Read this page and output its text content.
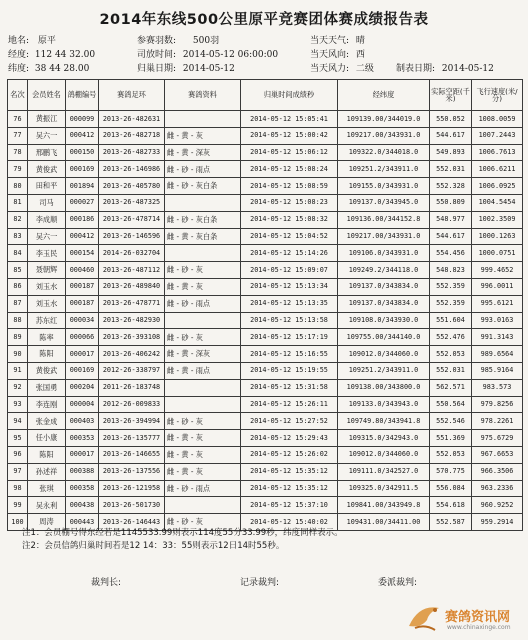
2014年东线500公里原平竞赛团体赛成绩报告表
地名: 原平	参赛羽数: 500羽	当天天气: 晴
经度: 112 44 32.00	司放时间: 2014-05-12 06:00:00	当天风向: 西
纬度: 38 44 28.00	归巢日期: 2014-05-12	当天风力: 二级 制表日期: 2014-05-12
名次	会员姓名	鸽棚编号	赛鸽足环	赛鸽资料	归巢时间成绩秒	经纬度	实际空距(千米)	飞行速度(米/分)
76	黄振江	000099	2013-26-482631		2014-05-12 15:05:41	109139.00/344019.0	550.052	1008.0059
77	吴六一	000412	2013-26-482718	雌 - 黄 - 灰	2014-05-12 15:00:42	109217.00/343931.0	544.617	1007.2443
78	邢鹏飞	000150	2013-26-482733	雌 - 黄 - 深灰	2014-05-12 15:06:12	109322.0/344018.0	549.893	1006.7613
79	黄俊武	000169	2013-26-146986	雌 - 砂 - 雨点	2014-05-12 15:08:24	109251.2/343911.0	552.031	1006.6211
80	田和平	001894	2013-26-405780	雌 - 砂 - 灰白条	2014-05-12 15:08:59	109155.0/343931.0	552.328	1006.0925
81	司马	000027	2013-26-487325		2014-05-12 15:08:23	109137.0/343945.0	550.809	1004.5454
82	李成顺	000186	2013-26-478714	雌 - 砂 - 灰白条	2014-05-12 15:08:32	109136.00/344152.8	548.977	1002.3509
83	吴六一	000412	2013-26-146596	雌 - 黄 - 灰白条	2014-05-12 15:04:52	109217.00/343931.0	544.617	1000.1263
84	李玉民	000154	2014-26-032704		2014-05-12 15:14:26	109106.0/343931.0	554.456	1000.0751
85	聂朝辉	000460	2013-26-487112	雌 - 砂 - 灰	2014-05-12 15:09:07	109249.2/344118.0	548.823	999.4652
86	刘玉水	000187	2013-26-489840	雌 - 黄 - 灰	2014-05-12 15:13:34	109137.0/343834.0	552.359	996.0011
87	刘玉水	000187	2013-26-478771	雌 - 砂 - 雨点	2014-05-12 15:13:35	109137.0/343834.0	552.359	995.6121
88	苏东红	000034	2013-26-482930		2014-05-12 15:13:58	109108.0/343930.0	551.604	993.0163
89	陈率	000066	2013-26-393108	雌 - 砂 - 灰	2014-05-12 15:17:19	109755.00/344140.0	552.476	991.3143
90	陈阳	000017	2013-26-406242	雌 - 黄 - 深灰	2014-05-12 15:16:55	109012.0/344060.0	552.053	989.6564
91	黄俊武	000169	2012-26-338797	雌 - 黄 - 雨点	2014-05-12 15:19:55	109251.2/343911.0	552.031	985.9164
92	张国勇	000204	2011-26-183748		2014-05-12 15:31:58	109138.00/343800.0	562.571	983.573
93	李连刚	000004	2012-26-009833		2014-05-12 15:26:11	109133.0/343943.0	550.564	979.8256
94	张金成	000403	2013-26-394994	雌 - 砂 - 灰	2014-05-12 15:27:52	109749.80/343941.8	552.546	978.2261
95	任小康	000353	2013-26-135777	雌 - 黄 - 灰	2014-05-12 15:29:43	109315.0/342943.0	551.369	975.6729
96	陈阳	000017	2013-26-146655	雌 - 黄 - 灰	2014-05-12 15:26:02	109012.0/344060.0	552.053	967.6653
97	孙述祥	000388	2013-26-137556	雌 - 黄 - 灰	2014-05-12 15:35:12	109111.0/342527.0	570.775	966.3506
98	张琪	000358	2013-26-121958	雌 - 砂 - 雨点	2014-05-12 15:35:12	109325.0/342911.5	556.084	963.2336
99	吴永利	000438	2013-26-501730		2014-05-12 15:37:10	109841.00/343949.8	554.618	960.9252
100	周涛	000443	2013-26-146443	雌 - 砂 - 灰	2014-05-12 15:40:02	109431.00/34411.00	552.587	959.2914
注1：会员棚号得东经若是1145533.99则表示114度55分33.99秒，纬度同样表示。
注2：会员信鸽归巢时间若是12 14：33：55则表示12日14时55秒。
裁判长:	记录裁判:	委派裁判:
赛鸽资讯网
www.chinaxinge.com
